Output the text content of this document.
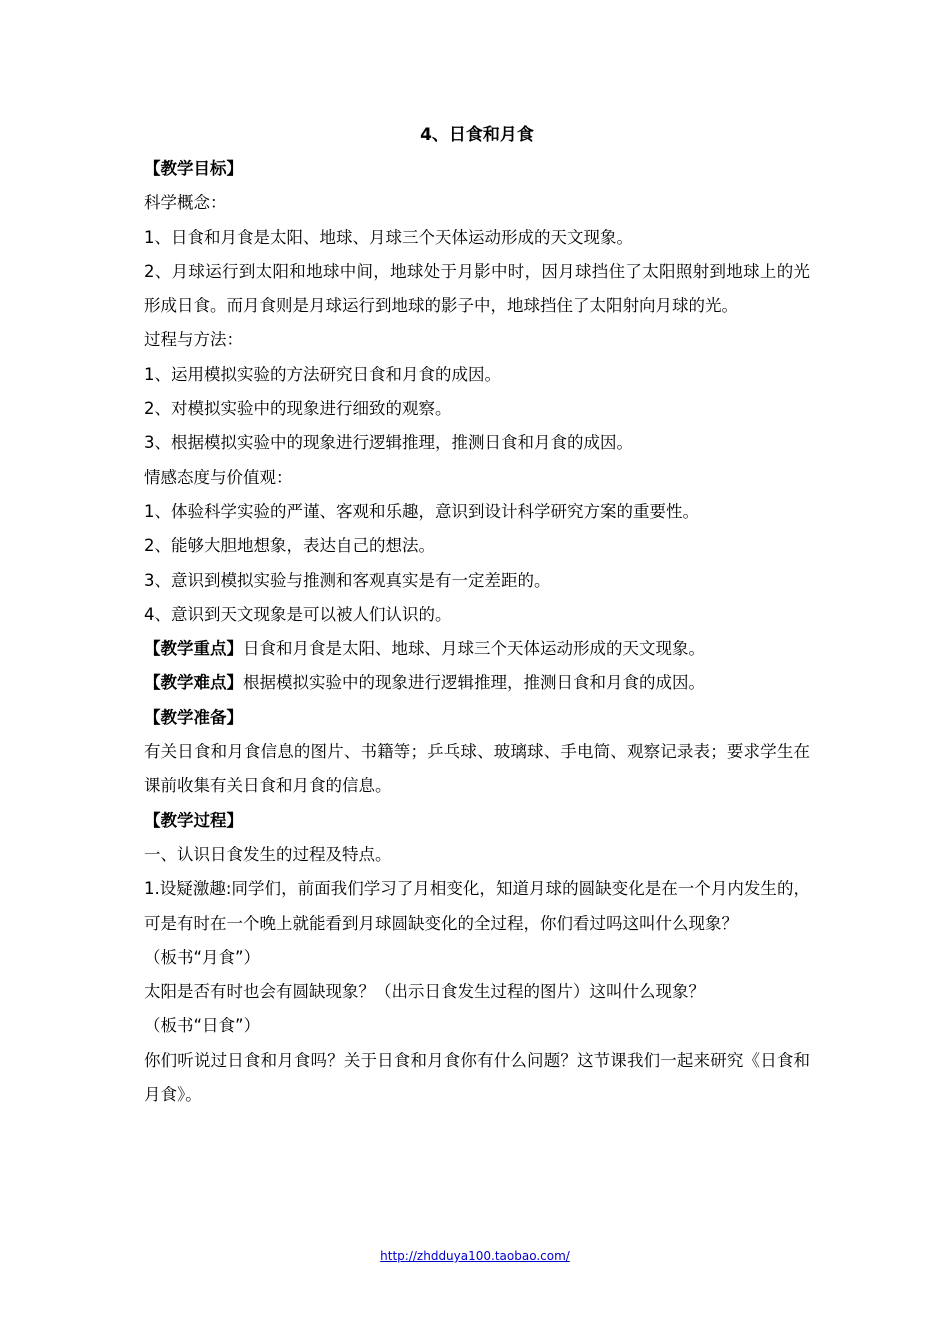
4、日食和月食

【教学目标】

科学概念：

1、日食和月食是太阳、地球、月球三个天体运动形成的天文现象。

2、月球运行到太阳和地球中间，地球处于月影中时，因月球挡住了太阳照射到地球上的光形成日食。而月食则是月球运行到地球的影子中，地球挡住了太阳射向月球的光。

过程与方法：

1、运用模拟实验的方法研究日食和月食的成因。

2、对模拟实验中的现象进行细致的观察。

3、根据模拟实验中的现象进行逻辑推理，推测日食和月食的成因。

情感态度与价值观：

1、体验科学实验的严谨、客观和乐趣，意识到设计科学研究方案的重要性。

2、能够大胆地想象，表达自己的想法。

3、意识到模拟实验与推测和客观真实是有一定差距的。

4、意识到天文现象是可以被人们认识的。

【教学重点】日食和月食是太阳、地球、月球三个天体运动形成的天文现象。

【教学难点】根据模拟实验中的现象进行逻辑推理，推测日食和月食的成因。

【教学准备】

有关日食和月食信息的图片、书籍等；乒乓球、玻璃球、手电筒、观察记录表；要求学生在课前收集有关日食和月食的信息。

【教学过程】

一、认识日食发生的过程及特点。

1.设疑激趣:同学们，前面我们学习了月相变化，知道月球的圆缺变化是在一个月内发生的，可是有时在一个晚上就能看到月球圆缺变化的全过程，你们看过吗这叫什么现象？

（板书“月食”）

太阳是否有时也会有圆缺现象？（出示日食发生过程的图片）这叫什么现象？

（板书“日食”）

你们听说过日食和月食吗？关于日食和月食你有什么问题？这节课我们一起来研究《日食和月食》。

http://zhdduya100.taobao.com/
